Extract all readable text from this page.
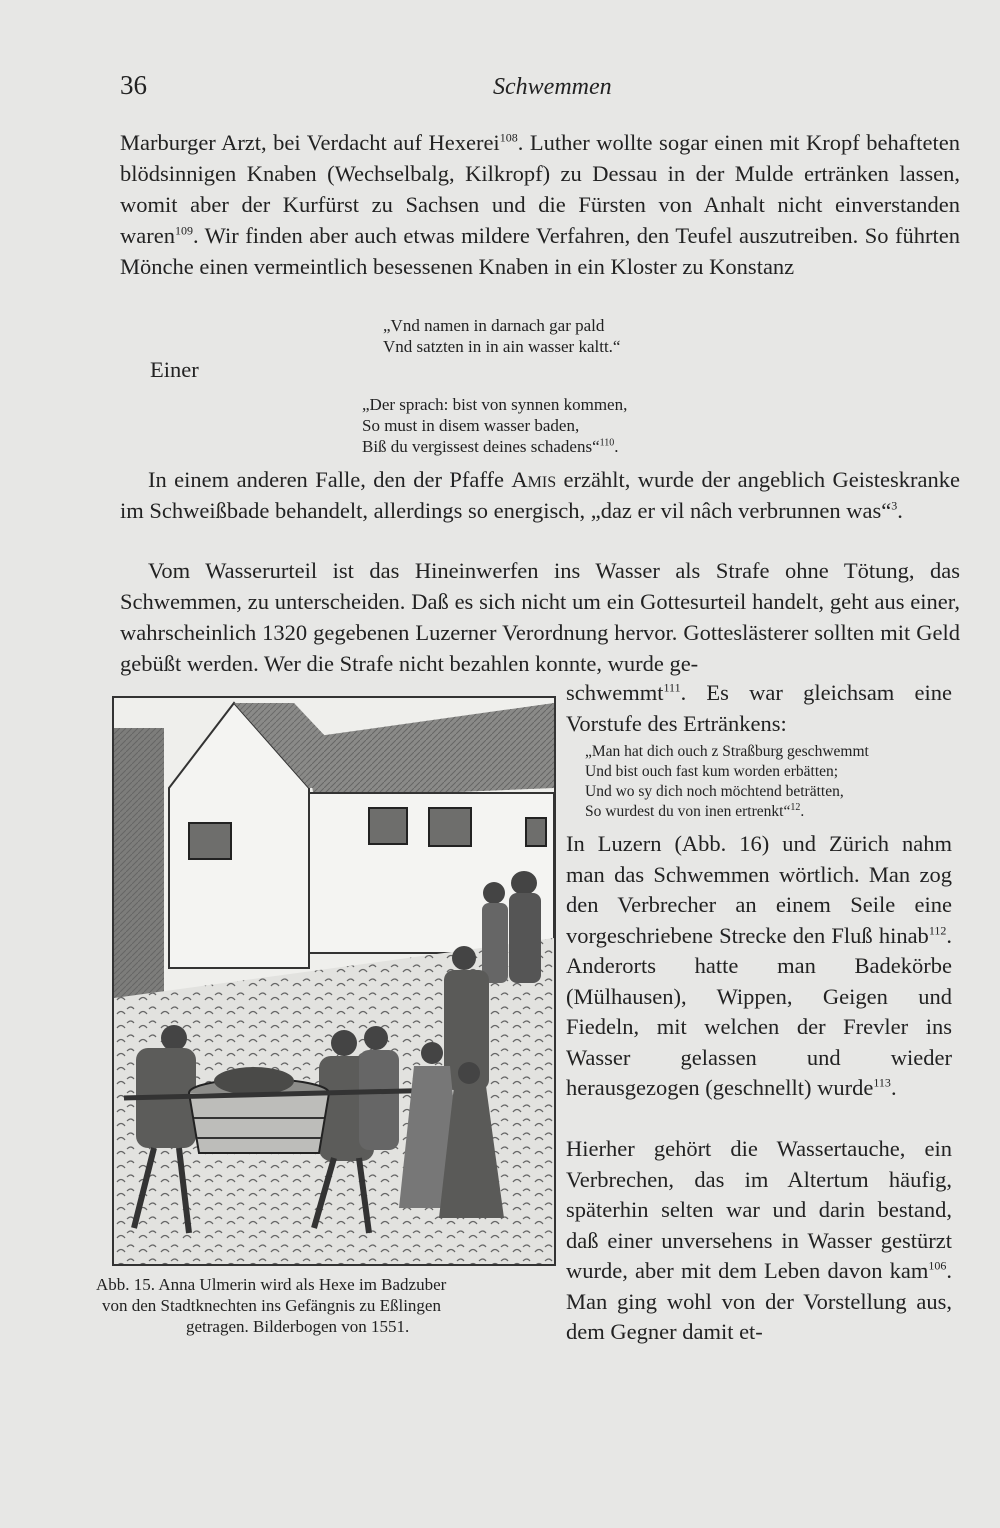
36	Schwemmen
Marburger Arzt, bei Verdacht auf Hexerei$^{108}$. Luther wollte sogar einen mit Kropf behafteten blödsinnigen Knaben (Wechselbalg, Kilkropf) zu Dessau in der Mulde ertränken lassen, womit aber der Kurfürst zu Sachsen und die Fürsten von Anhalt nicht einverstanden waren$^{109}$. Wir finden aber auch etwas mildere Verfahren, den Teufel auszutreiben. So führten Mönche einen vermeintlich besessenen Knaben in ein Kloster zu Konstanz
„Vnd namen in darnach gar pald
Vnd satzten in in ain wasser kaltt.“
Einer
„Der sprach: bist von synnen kommen,
So must in disem wasser baden,
Biß du vergissest deines schadens“$^{110}$.
In einem anderen Falle, den der Pfaffe Amis erzählt, wurde der angeblich Geisteskranke im Schweißbade behandelt, allerdings so energisch, „daz er vil nâch verbrunnen was“$^3$.
Vom Wasserurteil ist das Hineinwerfen ins Wasser als Strafe ohne Tötung, das Schwemmen, zu unterscheiden. Daß es sich nicht um ein Gottesurteil handelt, geht aus einer, wahrscheinlich 1320 gegebenen Luzerner Verordnung hervor. Gotteslästerer sollten mit Geld gebüßt werden. Wer die Strafe nicht bezahlen konnte, wurde ge-
schwemmt$^{111}$. Es war gleichsam eine Vorstufe des Ertränkens:
„Man hat dich ouch z Straßburg geschwemmt
Und bist ouch fast kum worden erbätten;
Und wo sy dich noch möchtend beträtten,
So wurdest du von inen ertrenkt“$^{12}$.
In Luzern (Abb. 16) und Zürich nahm man das Schwemmen wörtlich. Man zog den Verbrecher an einem Seile eine vorgeschriebene Strecke den Fluß hinab$^{112}$. Anderorts hatte man Badekörbe (Mülhausen), Wippen, Geigen und Fiedeln, mit welchen der Frevler ins Wasser gelassen und wieder herausgezogen (geschnellt) wurde$^{113}$.
Hierher gehört die Wassertauche, ein Verbrechen, das im Altertum häufig, späterhin selten war und darin bestand, daß einer unversehens in Wasser gestürzt wurde, aber mit dem Leben davon kam$^{106}$. Man ging wohl von der Vorstellung aus, dem Gegner damit et-
Abb. 15. Anna Ulmerin wird als Hexe im Badzuber
von den Stadtknechten ins Gefängnis zu Eßlingen
getragen. Bilderbogen von 1551.
